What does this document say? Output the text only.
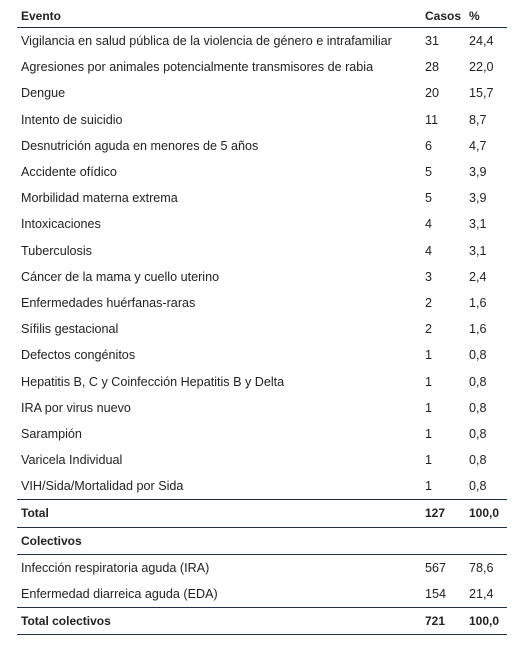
Evento	Casos %
Vigilancia en salud pública de la violencia de género e intrafamiliar	31 24,4
Agresiones por animales potencialmente transmisores de rabia	28 22,0
Dengue	20 15,7
Intento de suicidio	11 8,7
Desnutrición aguda en menores de 5 años	6	4,7
Accidente ofídico	5	3,9
Morbilidad materna extrema	5	3,9
Intoxicaciones	4	3,1
Tuberculosis	4	3,1
Cáncer de la mama y cuello uterino	3	2,4
Enfermedades huérfanas-raras	2	1,6
Sífilis gestacional	2	1,6
Defectos congénitos	1	0,8
Hepatitis B, C y Coinfección Hepatitis B y Delta	1	0,8
IRA por virus nuevo	1	0,8
Sarampión	1	0,8
Varicela Individual	1	0,8
VIH/Sida/Mortalidad por Sida	1	0,8
Total	127 100,0
Colectivos
Infección respiratoria aguda (IRA)	567 78,6
Enfermedad diarreica aguda (EDA)	154 21,4
Total colectivos	721 100,0
